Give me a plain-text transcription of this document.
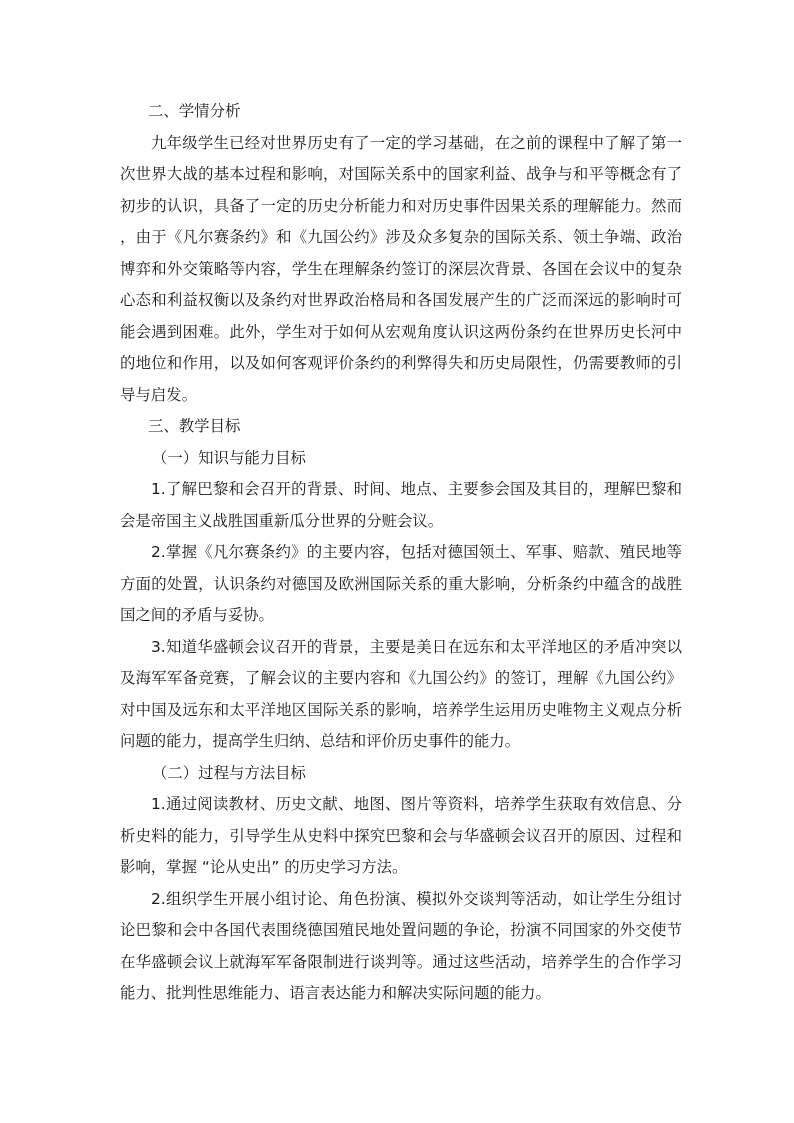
二、学情分析

九年级学生已经对世界历史有了一定的学习基础，在之前的课程中了解了第一次世界大战的基本过程和影响，对国际关系中的国家利益、战争与和平等概念有了初步的认识，具备了一定的历史分析能力和对历史事件因果关系的理解能力。然而，由于《凡尔赛条约》和《九国公约》涉及众多复杂的国际关系、领土争端、政治博弈和外交策略等内容，学生在理解条约签订的深层次背景、各国在会议中的复杂心态和利益权衡以及条约对世界政治格局和各国发展产生的广泛而深远的影响时可能会遇到困难。此外，学生对于如何从宏观角度认识这两份条约在世界历史长河中的地位和作用，以及如何客观评价条约的利弊得失和历史局限性，仍需要教师的引导与启发。

三、教学目标

（一）知识与能力目标

1.了解巴黎和会召开的背景、时间、地点、主要参会国及其目的，理解巴黎和会是帝国主义战胜国重新瓜分世界的分赃会议。

2.掌握《凡尔赛条约》的主要内容，包括对德国领土、军事、赔款、殖民地等方面的处置，认识条约对德国及欧洲国际关系的重大影响，分析条约中蕴含的战胜国之间的矛盾与妥协。

3.知道华盛顿会议召开的背景，主要是美日在远东和太平洋地区的矛盾冲突以及海军军备竞赛，了解会议的主要内容和《九国公约》的签订，理解《九国公约》对中国及远东和太平洋地区国际关系的影响，培养学生运用历史唯物主义观点分析问题的能力，提高学生归纳、总结和评价历史事件的能力。

（二）过程与方法目标

1.通过阅读教材、历史文献、地图、图片等资料，培养学生获取有效信息、分析史料的能力，引导学生从史料中探究巴黎和会与华盛顿会议召开的原因、过程和影响，掌握 “论从史出” 的历史学习方法。

2.组织学生开展小组讨论、角色扮演、模拟外交谈判等活动，如让学生分组讨论巴黎和会中各国代表围绕德国殖民地处置问题的争论，扮演不同国家的外交使节在华盛顿会议上就海军军备限制进行谈判等。通过这些活动，培养学生的合作学习能力、批判性思维能力、语言表达能力和解决实际问题的能力。
